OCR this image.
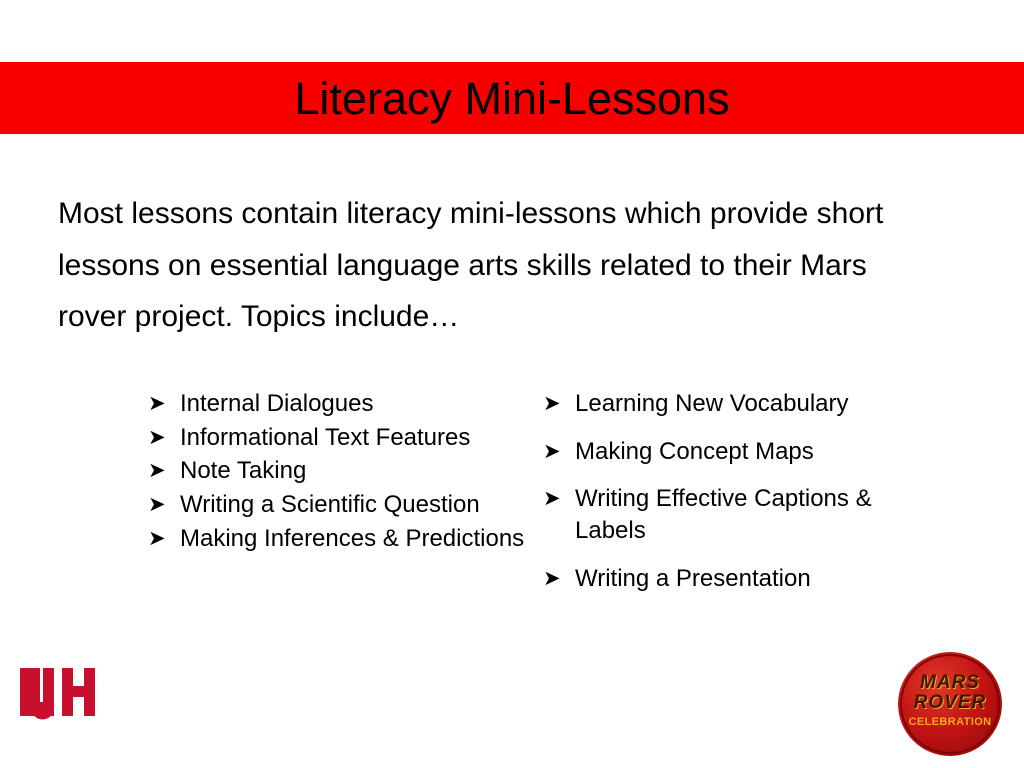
Literacy Mini-Lessons
Most lessons contain literacy mini-lessons which provide short lessons on essential language arts skills related to their Mars rover project. Topics include…
➤ Internal Dialogues
➤ Informational Text Features
➤ Note Taking
➤ Writing a Scientific Question
➤ Making Inferences & Predictions
➤ Learning New Vocabulary
➤ Making Concept Maps
➤ Writing Effective Captions & Labels
➤ Writing a Presentation
MARS
ROVER
CELEBRATION
